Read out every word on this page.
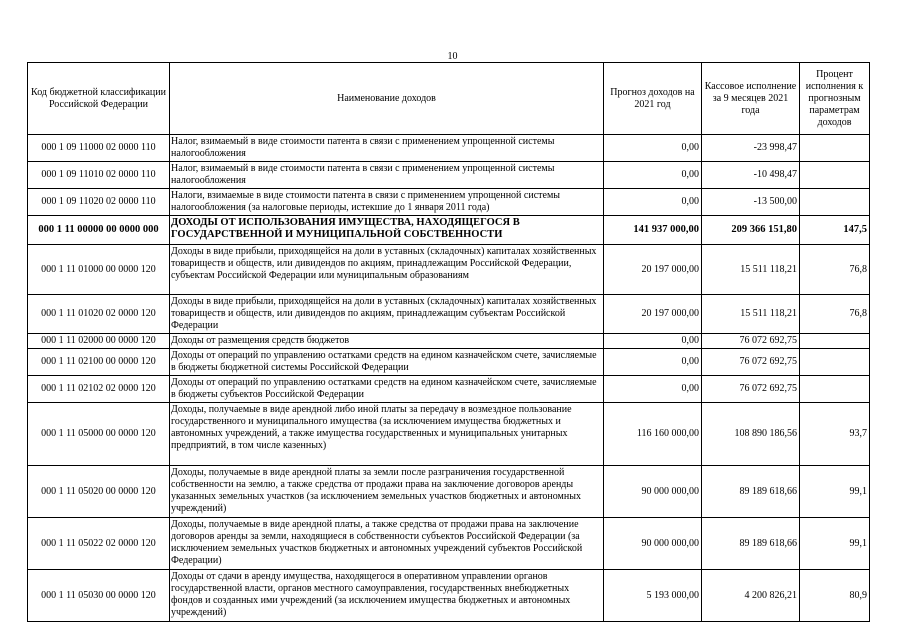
10
Код бюджетной классификации Российской Федерации	Наименование доходов	Прогноз доходов на 2021 год	Кассовое исполнение за 9 месяцев 2021 года	Процент исполнения к прогнозным параметрам доходов
000 1 09 11000 02 0000 110	Налог, взимаемый в виде стоимости патента в связи с применением упрощенной системы налогообложения	0,00	-23 998,47	
000 1 09 11010 02 0000 110	Налог, взимаемый в виде стоимости патента в связи с применением упрощенной системы налогообложения	0,00	-10 498,47	
000 1 09 11020 02 0000 110	Налоги, взимаемые в виде стоимости патента в связи с применением упрощенной системы налогообложения (за налоговые периоды, истекшие до 1 января 2011 года)	0,00	-13 500,00	
000 1 11 00000 00 0000 000	ДОХОДЫ ОТ ИСПОЛЬЗОВАНИЯ ИМУЩЕСТВА, НАХОДЯЩЕГОСЯ В ГОСУДАРСТВЕННОЙ И МУНИЦИПАЛЬНОЙ СОБСТВЕННОСТИ	141 937 000,00	209 366 151,80	147,5
000 1 11 01000 00 0000 120	Доходы в виде прибыли, приходящейся на доли в уставных (складочных) капиталах хозяйственных товариществ и обществ, или дивидендов по акциям, принадлежащим Российской Федерации, субъектам Российской Федерации или муниципальным образованиям	20 197 000,00	15 511 118,21	76,8
000 1 11 01020 02 0000 120	Доходы в виде прибыли, приходящейся на доли в уставных (складочных) капиталах хозяйственных товариществ и обществ, или дивидендов по акциям, принадлежащим субъектам Российской Федерации	20 197 000,00	15 511 118,21	76,8
000 1 11 02000 00 0000 120	Доходы от размещения средств бюджетов	0,00	76 072 692,75	
000 1 11 02100 00 0000 120	Доходы от операций по управлению остатками средств на едином казначейском счете, зачисляемые в бюджеты бюджетной системы Российской Федерации	0,00	76 072 692,75	
000 1 11 02102 02 0000 120	Доходы от операций по управлению остатками средств на едином казначейском счете, зачисляемые в бюджеты субъектов Российской Федерации	0,00	76 072 692,75	
000 1 11 05000 00 0000 120	Доходы, получаемые в виде арендной либо иной платы за передачу в возмездное пользование государственного и муниципального имущества (за исключением имущества бюджетных и автономных учреждений, а также имущества государственных и муниципальных унитарных предприятий, в том числе казенных)	116 160 000,00	108 890 186,56	93,7
000 1 11 05020 00 0000 120	Доходы, получаемые в виде арендной платы за земли после разграничения государственной собственности на землю, а также средства от продажи права на заключение договоров аренды указанных земельных участков (за исключением земельных участков бюджетных и автономных учреждений)	90 000 000,00	89 189 618,66	99,1
000 1 11 05022 02 0000 120	Доходы, получаемые в виде арендной платы, а также средства от продажи права на заключение договоров аренды за земли, находящиеся в собственности субъектов Российской Федерации (за исключением земельных участков бюджетных и автономных учреждений субъектов Российской Федерации)	90 000 000,00	89 189 618,66	99,1
000 1 11 05030 00 0000 120	Доходы от сдачи в аренду имущества, находящегося в оперативном управлении органов государственной власти, органов местного самоуправления, государственных внебюджетных фондов и созданных ими учреждений (за исключением имущества бюджетных и автономных учреждений)	5 193 000,00	4 200 826,21	80,9
